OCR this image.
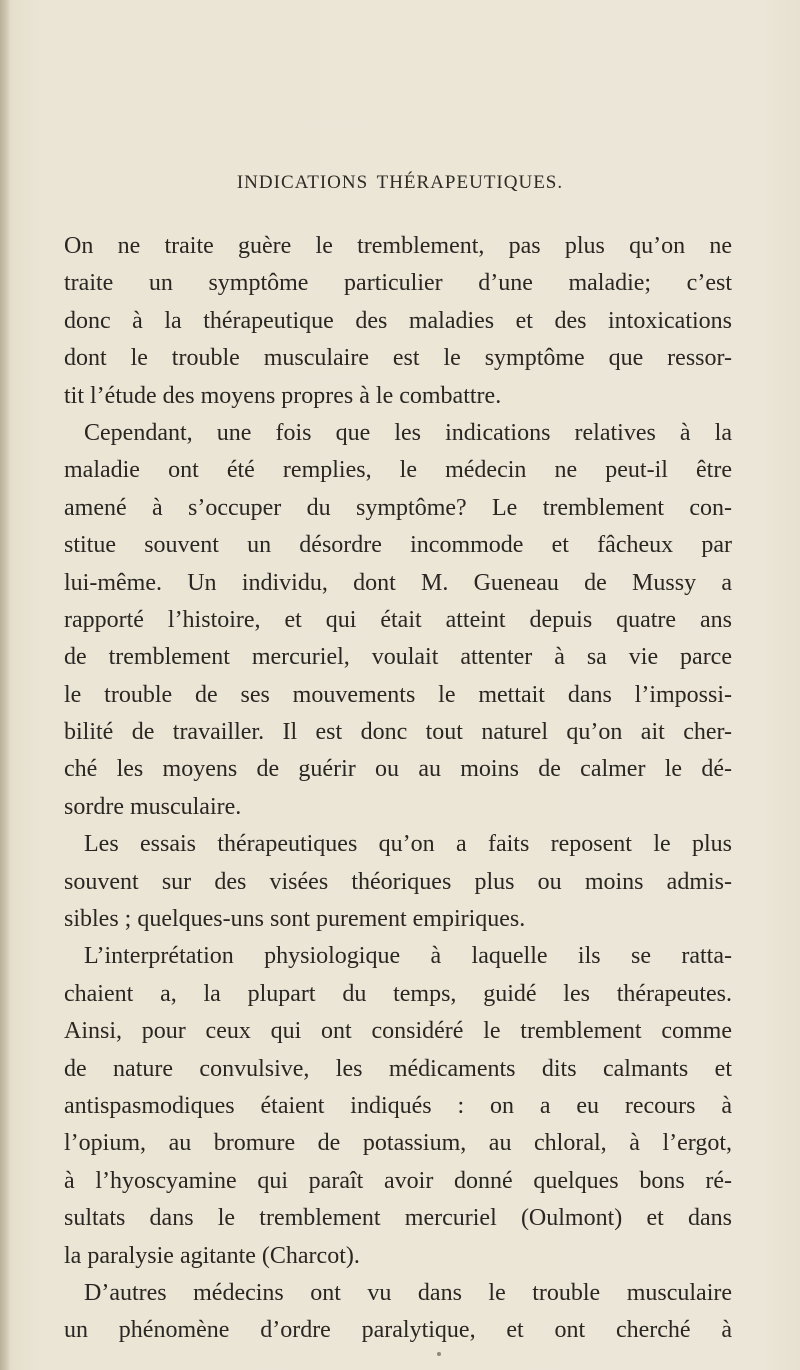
INDICATIONS THÉRAPEUTIQUES.
On ne traite guère le tremblement, pas plus qu’on ne
traite un symptôme particulier d’une maladie; c’est
donc à la thérapeutique des maladies et des intoxications
dont le trouble musculaire est le symptôme que ressor-
tit l’étude des moyens propres à le combattre.
Cependant, une fois que les indications relatives à la
maladie ont été remplies, le médecin ne peut-il être
amené à s’occuper du symptôme? Le tremblement con-
stitue souvent un désordre incommode et fâcheux par
lui-même. Un individu, dont M. Gueneau de Mussy a
rapporté l’histoire, et qui était atteint depuis quatre ans
de tremblement mercuriel, voulait attenter à sa vie parce
le trouble de ses mouvements le mettait dans l’impossi-
bilité de travailler. Il est donc tout naturel qu’on ait cher-
ché les moyens de guérir ou au moins de calmer le dé-
sordre musculaire.
Les essais thérapeutiques qu’on a faits reposent le plus
souvent sur des visées théoriques plus ou moins admis-
sibles ; quelques-uns sont purement empiriques.
L’interprétation physiologique à laquelle ils se ratta-
chaient a, la plupart du temps, guidé les thérapeutes.
Ainsi, pour ceux qui ont considéré le tremblement comme
de nature convulsive, les médicaments dits calmants et
antispasmodiques étaient indiqués : on a eu recours à
l’opium, au bromure de potassium, au chloral, à l’ergot,
à l’hyoscyamine qui paraît avoir donné quelques bons ré-
sultats dans le tremblement mercuriel (Oulmont) et dans
la paralysie agitante (Charcot).
D’autres médecins ont vu dans le trouble musculaire
un phénomène d’ordre paralytique, et ont cherché à
